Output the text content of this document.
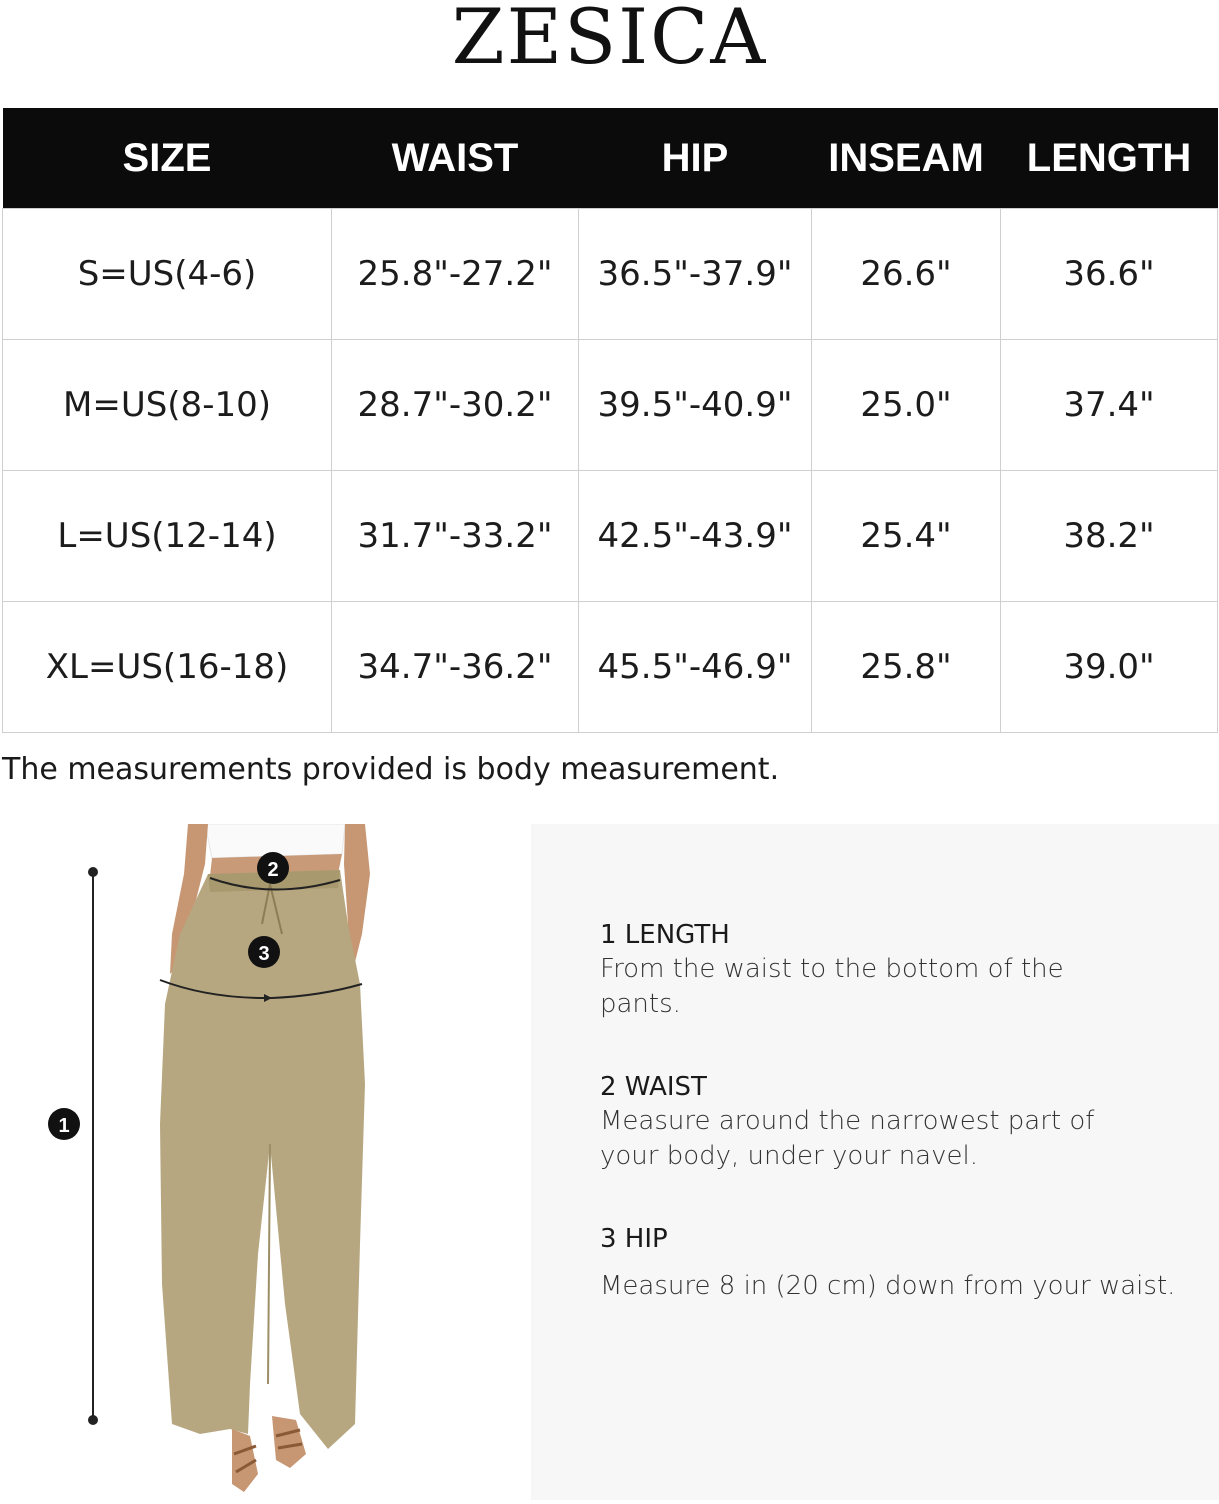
ZESICA
SIZE	WAIST	HIP	INSEAM	LENGTH
S=US(4-6)	25.8"-27.2"	36.5"-37.9"	26.6"	36.6"
M=US(8-10)	28.7"-30.2"	39.5"-40.9"	25.0"	37.4"
L=US(12-14)	31.7"-33.2"	42.5"-43.9"	25.4"	38.2"
XL=US(16-18)	34.7"-36.2"	45.5"-46.9"	25.8"	39.0"
The measurements provided is body measurement.
1
2
3
1 LENGTH
From the waist to the bottom of the pants.
2 WAIST
Measure around the narrowest part of your body, under your navel.
3 HIP
Measure 8 in (20 cm) down from your waist.
